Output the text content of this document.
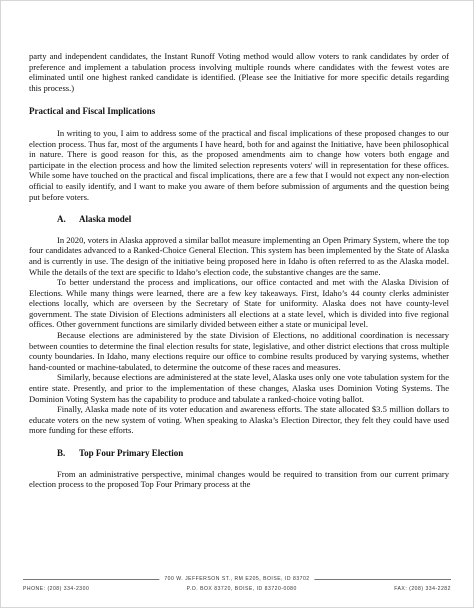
party and independent candidates, the Instant Runoff Voting method would allow voters to rank candidates by order of preference and implement a tabulation process involving multiple rounds where candidates with the fewest votes are eliminated until one highest ranked candidate is identified. (Please see the Initiative for more specific details regarding this process.)

Practical and Fiscal Implications

In writing to you, I aim to address some of the practical and fiscal implications of these proposed changes to our election process. Thus far, most of the arguments I have heard, both for and against the Initiative, have been philosophical in nature. There is good reason for this, as the proposed amendments aim to change how voters both engage and participate in the election process and how the limited selection represents voters' will in representation for these offices. While some have touched on the practical and fiscal implications, there are a few that I would not expect any non-election official to easily identify, and I want to make you aware of them before submission of arguments and the question being put before voters.

A. Alaska model

In 2020, voters in Alaska approved a similar ballot measure implementing an Open Primary System, where the top four candidates advanced to a Ranked-Choice General Election. This system has been implemented by the State of Alaska and is currently in use. The design of the initiative being proposed here in Idaho is often referred to as the Alaska model. While the details of the text are specific to Idaho’s election code, the substantive changes are the same.

To better understand the process and implications, our office contacted and met with the Alaska Division of Elections. While many things were learned, there are a few key takeaways. First, Idaho’s 44 county clerks administer elections locally, which are overseen by the Secretary of State for uniformity. Alaska does not have county-level government. The state Division of Elections administers all elections at a state level, which is divided into five regional offices. Other government functions are similarly divided between either a state or municipal level.

Because elections are administered by the state Division of Elections, no additional coordination is necessary between counties to determine the final election results for state, legislative, and other district elections that cross multiple county boundaries. In Idaho, many elections require our office to combine results produced by varying systems, whether hand-counted or machine-tabulated, to determine the outcome of these races and measures.

Similarly, because elections are administered at the state level, Alaska uses only one vote tabulation system for the entire state. Presently, and prior to the implementation of these changes, Alaska uses Dominion Voting Systems. The Dominion Voting System has the capability to produce and tabulate a ranked-choice voting ballot.

Finally, Alaska made note of its voter education and awareness efforts. The state allocated $3.5 million dollars to educate voters on the new system of voting. When speaking to Alaska’s Election Director, they felt they could have used more funding for these efforts.

B. Top Four Primary Election

From an administrative perspective, minimal changes would be required to transition from our current primary election process to the proposed Top Four Primary process at the

700 W. JEFFERSON ST., RM E205, BOISE, ID 83702
PHONE: (208) 334-2300	P.O. BOX 83720, BOISE, ID 83720-0080	FAX: (208) 334-2282
